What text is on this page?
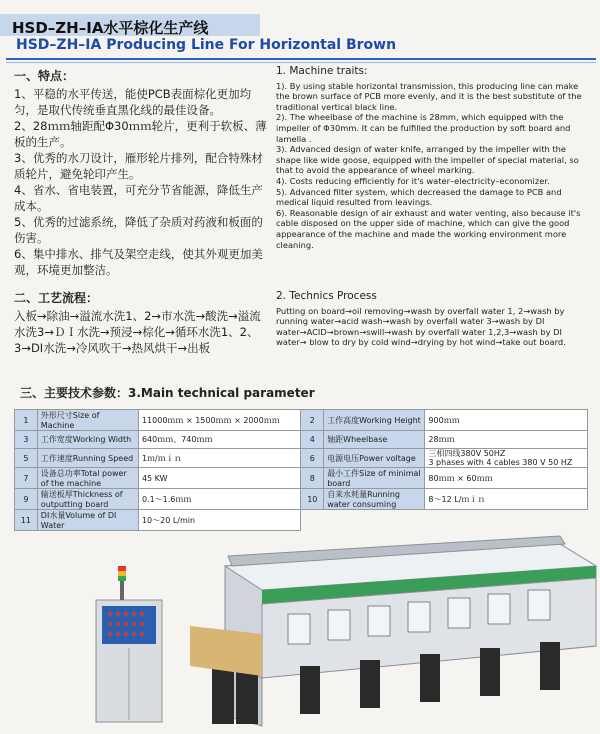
HSD–ZH–IA水平棕化生产线
HSD–ZH–IA Producing Line For Horizontal Brown
一、特点：

1、平稳的水平传送，能使PCB表面棕化更加均匀，是取代传统垂直黑化线的最佳设备。

2、28ｍｍ轴距配Φ30ｍｍ轮片，更利于软板、薄板的生产。

3、优秀的水刀设计，雁形轮片排列，配合特殊材质轮片，避免轮印产生。

4、省水、省电装置，可充分节省能源，降低生产成本。

5、优秀的过滤系统，降低了杂质对药液和板面的伤害。

6、集中排水、排气及架空走线，使其外观更加美观，环境更加整洁。

二、工艺流程：

入板→除油→溢流水洗1、2→市水洗→酸洗→溢流水洗3→ＤＩ水洗→预浸→棕化→循环水洗1、2、3→DI水洗→冷风吹干→热风烘干→出板

1. Machine traits:

1). By using stable horizontal transmission, this producing line can make the brown surface of PCB more evenly, and it is the best substitute of the traditional vertical black line.

2). The wheelbase of the machine is 28mm, which equipped with the impeller of Φ30mm. It can be fulfilled the production by soft board and lamella .

3). Advanced design of water knife, arranged by the impeller with the shape like wide goose, equipped with the impeller of special material, so that to avoid the appearance of wheel marking.

4). Costs reducing efficiently for it's water–electricity–economizer.

5). Advanced filter system, which decreased the damage to PCB and medical liquid resulted from leavings.

6). Reasonable design of air exhaust and water venting, also because it's cable disposed on the upper side of machine, which can give the good appearance of the machine and made the working environment more cleaning.

2. Technics Process

Putting on board→oil removing→wash by overfall water 1, 2→wash by running water→acid wash→wash by overfall water 3→wash by DI water→ACID→brown→swill→wash by overfall water 1,2,3→wash by DI water→ blow to dry by cold wind→drying by hot wind→take out board.

三、主要技术参数：3.Main technical parameter
1	外形尺寸Size of Machine	11000ｍｍ × 1500ｍｍ × 2000ｍｍ	2	工作高度Working Height	900ｍｍ
3	工作宽度Working Width	640ｍｍ、740ｍｍ	4	轴距Wheelbase	28ｍｍ
5	工作速度Running Speed	1ｍ/ｍｉｎ	6	电源电压Power voltage	三相四线380V 50HZ
3 phases with 4 cables 380 V 50 HZ
7	设备总功率Total power of the machine	45 KW	8	最小工件Size of minimal board	80ｍｍ × 60ｍｍ
9	输送板厚Thickness of outputting board	0.1～1.6ｍｍ	10	自来水耗量Running water consuming	8～12 L/ｍｉｎ
11	DI水量Volume of DI Water	10～20 L/min			
